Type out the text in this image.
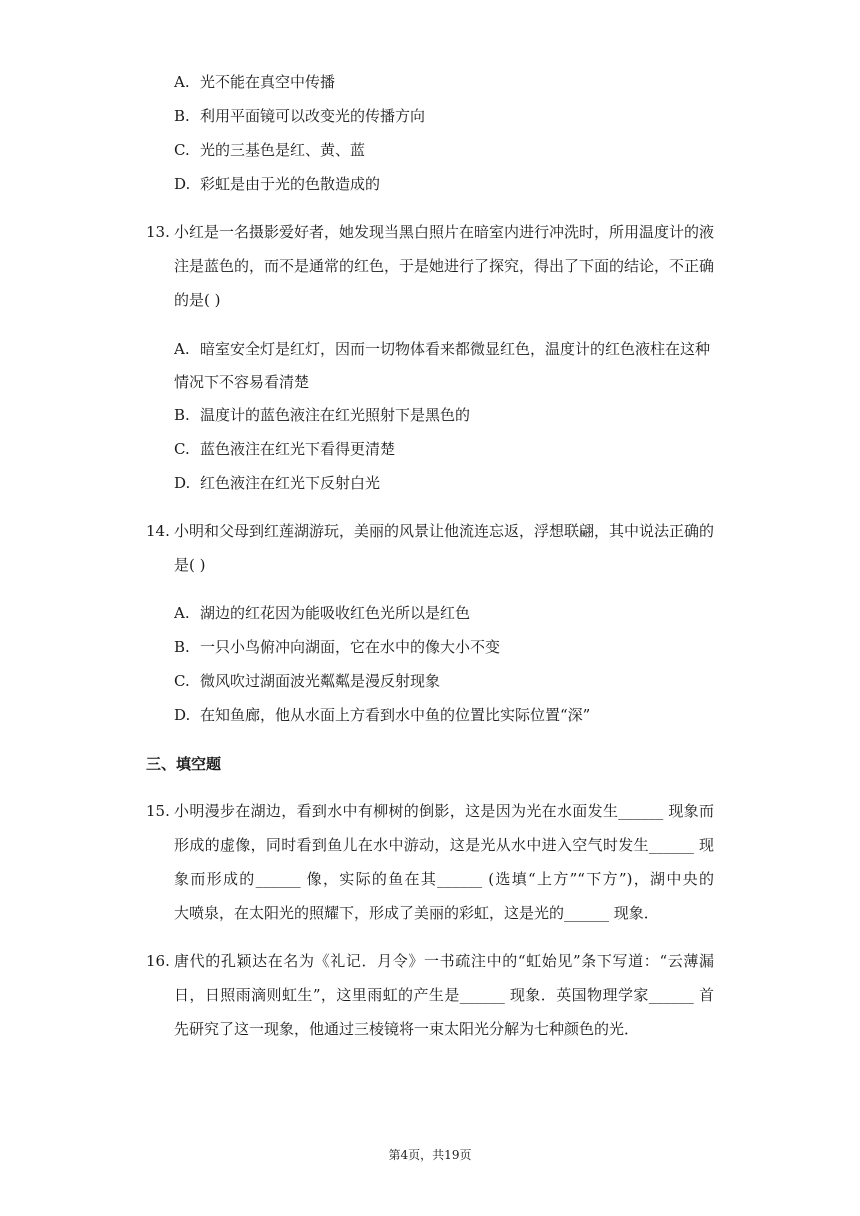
A. 光不能在真空中传播
B. 利用平面镜可以改变光的传播方向
C. 光的三基色是红、黄、蓝
D. 彩虹是由于光的色散造成的
13. 小红是一名摄影爱好者，她发现当黑白照片在暗室内进行冲洗时，所用温度计的液
注是蓝色的，而不是通常的红色，于是她进行了探究，得出了下面的结论，不正确
的是( )
A. 暗室安全灯是红灯，因而一切物体看来都微显红色，温度计的红色液柱在这种
情况下不容易看清楚
B. 温度计的蓝色液注在红光照射下是黑色的
C. 蓝色液注在红光下看得更清楚
D. 红色液注在红光下反射白光
14. 小明和父母到红莲湖游玩，美丽的风景让他流连忘返，浮想联翩，其中说法正确的
是( )
A. 湖边的红花因为能吸收红色光所以是红色
B. 一只小鸟俯冲向湖面，它在水中的像大小不变
C. 微风吹过湖面波光粼粼是漫反射现象
D. 在知鱼廊，他从水面上方看到水中鱼的位置比实际位置“深”
三、填空题
15. 小明漫步在湖边，看到水中有柳树的倒影，这是因为光在水面发生______ 现象而
形成的虚像，同时看到鱼儿在水中游动，这是光从水中进入空气时发生______ 现
象而形成的______ 像，实际的鱼在其______ (选填“上方”“下方”)，湖中央的
大喷泉，在太阳光的照耀下，形成了美丽的彩虹，这是光的______ 现象．
16. 唐代的孔颖达在名为《礼记．月令》一书疏注中的“虹始见”条下写道：“云薄漏
日，日照雨滴则虹生”，这里雨虹的产生是______ 现象．英国物理学家______ 首
先研究了这一现象，他通过三棱镜将一束太阳光分解为七种颜色的光．
第4页，共19页
